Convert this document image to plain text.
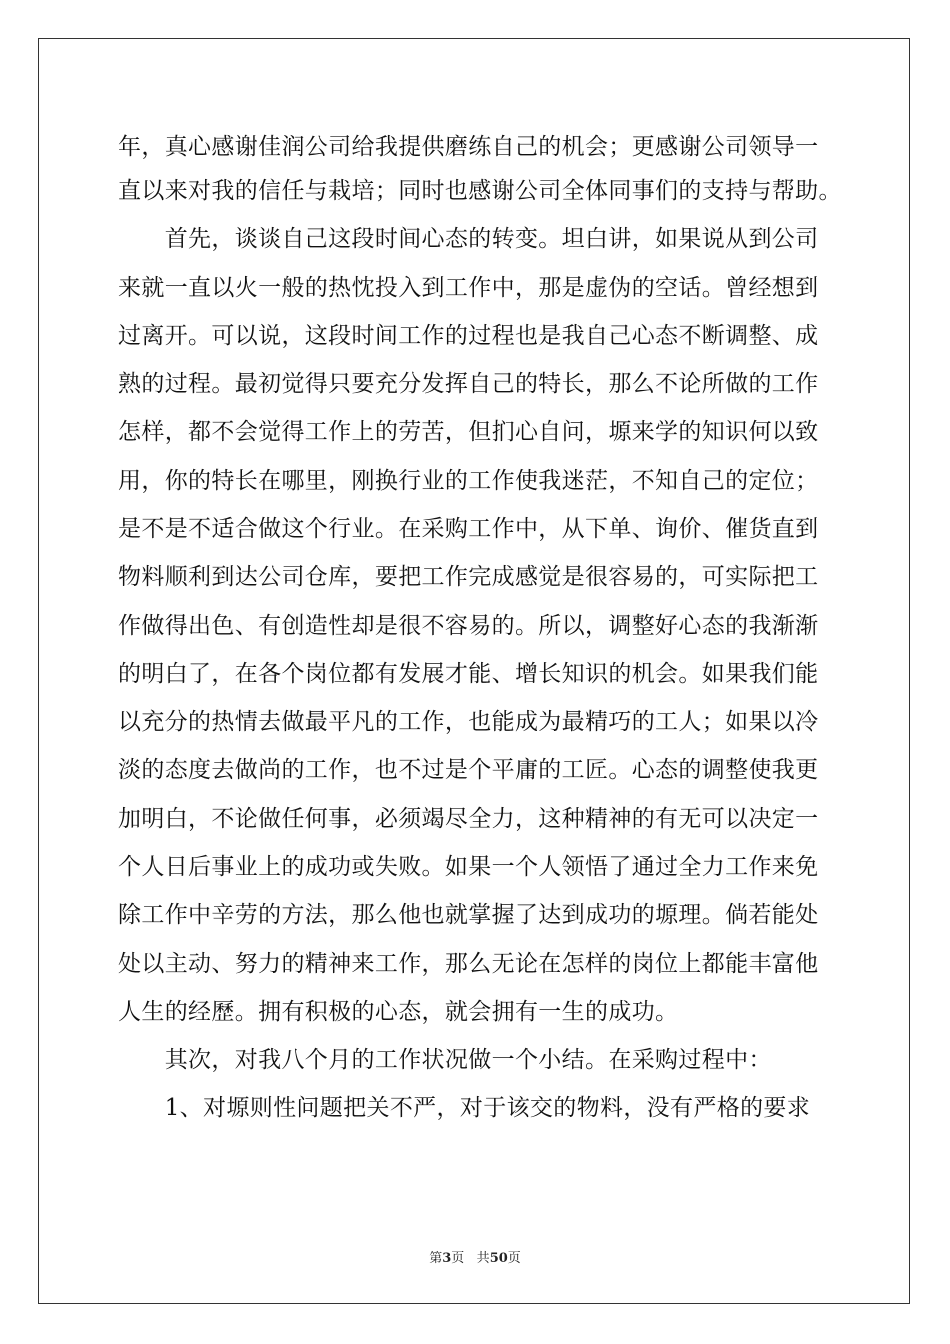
年，真心感谢佳润公司给我提供磨练自己的机会；更感谢公司领导一
直以来对我的信任与栽培；同时也感谢公司全体同事们的支持与帮助。
　　首先，谈谈自己这段时间心态的转变。坦白讲，如果说从到公司
来就一直以火一般的热忱投入到工作中，那是虚伪的空话。曾经想到
过离开。可以说，这段时间工作的过程也是我自己心态不断调整、成
熟的过程。最初觉得只要充分发挥自己的特长，那么不论所做的工作
怎样，都不会觉得工作上的劳苦，但扪心自问，塬来学的知识何以致
用，你的特长在哪里，刚换行业的工作使我迷茫，不知自己的定位；
是不是不适合做这个行业。在采购工作中，从下单、询价、催货直到
物料顺利到达公司仓库，要把工作完成感觉是很容易的，可实际把工
作做得出色、有创造性却是很不容易的。所以，调整好心态的我渐渐
的明白了，在各个岗位都有发展才能、增长知识的机会。如果我们能
以充分的热情去做最平凡的工作，也能成为最精巧的工人；如果以冷
淡的态度去做尚的工作，也不过是个平庸的工匠。心态的调整使我更
加明白，不论做任何事，必须竭尽全力，这种精神的有无可以决定一
个人日后事业上的成功或失败。如果一个人领悟了通过全力工作来免
除工作中辛劳的方法，那么他也就掌握了达到成功的塬理。倘若能处
处以主动、努力的精神来工作，那么无论在怎样的岗位上都能丰富他
人生的经歷。拥有积极的心态，就会拥有一生的成功。
　　其次，对我八个月的工作状况做一个小结。在采购过程中：
　　1、对塬则性问题把关不严，对于该交的物料，没有严格的要求
第3页 共50页
